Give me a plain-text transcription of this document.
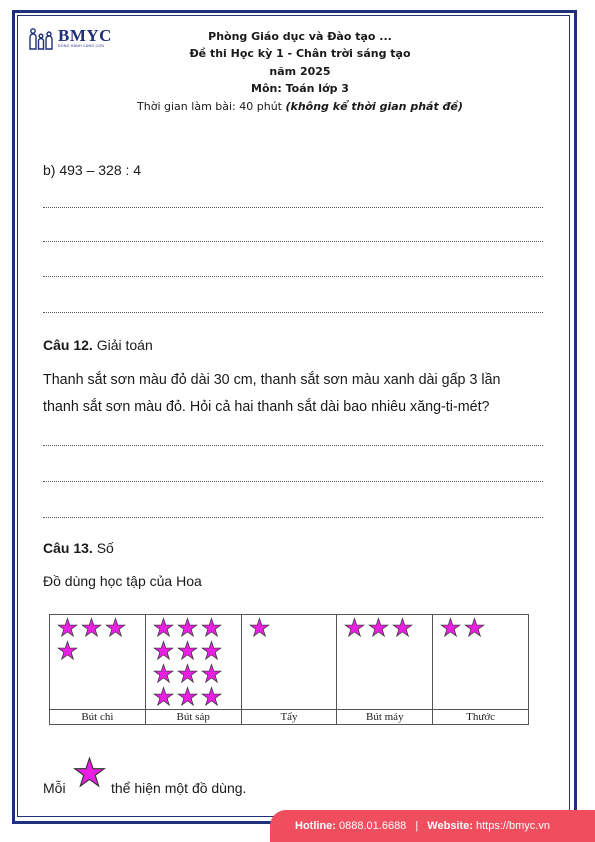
BMYC
ĐỒNG HÀNH CÙNG CON
Phòng Giáo dục và Đào tạo ...
Đề thi Học kỳ 1 - Chân trời sáng tạo
năm 2025
Môn: Toán lớp 3
Thời gian làm bài: 40 phút (không kể thời gian phát đề)
b) 493 – 328 : 4
Câu 12. Giải toán
Thanh sắt sơn màu đỏ dài 30 cm, thanh sắt sơn màu xanh dài gấp 3 lần
thanh sắt sơn màu đỏ. Hỏi cả hai thanh sắt dài bao nhiêu xăng-ti-mét?
Câu 13. Số
Đồ dùng học tập của Hoa

Bút chì	Bút sáp	Tẩy	Bút máy	Thước
Mỗi	thể hiện một đồ dùng.
Hotline: 0888.01.6688 | Website: https://bmyc.vn
